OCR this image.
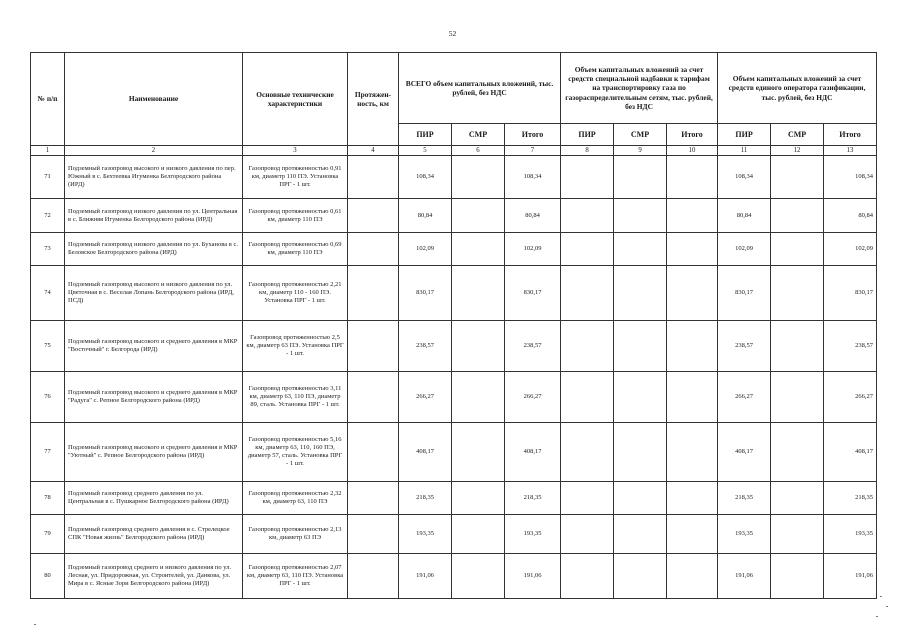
52
№ п/п	Наименование	Основные технические характеристики	Протяжен-ность, км	ВСЕГО объем капитальных вложений, тыс. рублей, без НДС			Объем капитальных вложений за счет средств специальной надбавки к тарифам на транспортировку газа по газораспределительным сетям, тыс. рублей, без НДС			Объем капитальных вложений за счет средств единого оператора газификации, тыс. рублей, без НДС		
				ПИР	СМР	Итого	ПИР	СМР	Итого	ПИР	СМР	Итого
1	2	3	4	5	6	7	8	9	10	11	12	13
71	Подземный газопровод высокого и низкого давления по пер. Южный в с. Бехтеевка Игуменка Белгородского района (ИРД)	Газопровод протяженностью 0,91 км, диаметр 110 ПЭ. Установка ПРГ - 1 шт.		108,34		108,34				108,34		108,34
72	Подземный газопровод низкого давления по ул. Центральная в с. Ближняя Игуменка Белгородского района (ИРД)	Газопровод протяженностью 0,61 км, диаметр 110 ПЭ		80,84		80,84				80,84		80,84
73	Подземный газопровод низкого давления по ул. Буханова в с. Беловское Белгородского района (ИРД)	Газопровод протяженностью 0,69 км, диаметр 110 ПЭ		102,09		102,09				102,09		102,09
74	Подземный газопровод высокого и низкого давления по ул. Цветочная в с. Веселая Лопань Белгородского района (ИРД, ПСД)	Газопровод протяженностью 2,21 км, диаметр 110 - 160 ПЭ. Установка ПРГ - 1 шт.		830,17		830,17				830,17		830,17
75	Подземный газопровод высокого и среднего давления в МКР "Восточный" г. Белгорода (ИРД)	Газопровод протяженностью 2,5 км, диаметр 63 ПЭ. Установка ПРГ - 1 шт.		238,57		238,57				238,57		238,57
76	Подземный газопровод высокого и среднего давления в МКР "Радуга" с. Репное Белгородского района (ИРД)	Газопровод протяженностью 3,11 км, диаметр 63, 110 ПЭ, диаметр 89, сталь. Установка ПРГ - 1 шт.		266,27		266,27				266,27		266,27
77	Подземный газопровод высокого и среднего давления в МКР "Уютный" с. Репное Белгородского района (ИРД)	Газопровод протяженностью 5,16 км, диаметр 63, 110, 160 ПЭ, диаметр 57, сталь. Установка ПРГ - 1 шт.		408,17		408,17				408,17		408,17
78	Подземный газопровод среднего давления по ул. Центральная в с. Пушкарное Белгородского района (ИРД)	Газопровод протяженностью 2,32 км, диаметр 63, 110 ПЭ		218,35		218,35				218,35		218,35
79	Подземный газопровод среднего давления в с. Стрелецкое СПК "Новая жизнь" Белгородского района (ИРД)	Газопровод протяженностью 2,13 км, диаметр 63 ПЭ		193,35		193,35				193,35		193,35
80	Подземный газопровод среднего и низкого давления по ул. Лесная, ул. Придорожная, ул. Строителей, ул. Данкова, ул. Мира в с. Ясные Зори Белгородского района (ИРД)	Газопровод протяженностью 2,07 км, диаметр 63, 110 ПЭ. Установка ПРГ - 1 шт.		191,06		191,06				191,06		191,06
